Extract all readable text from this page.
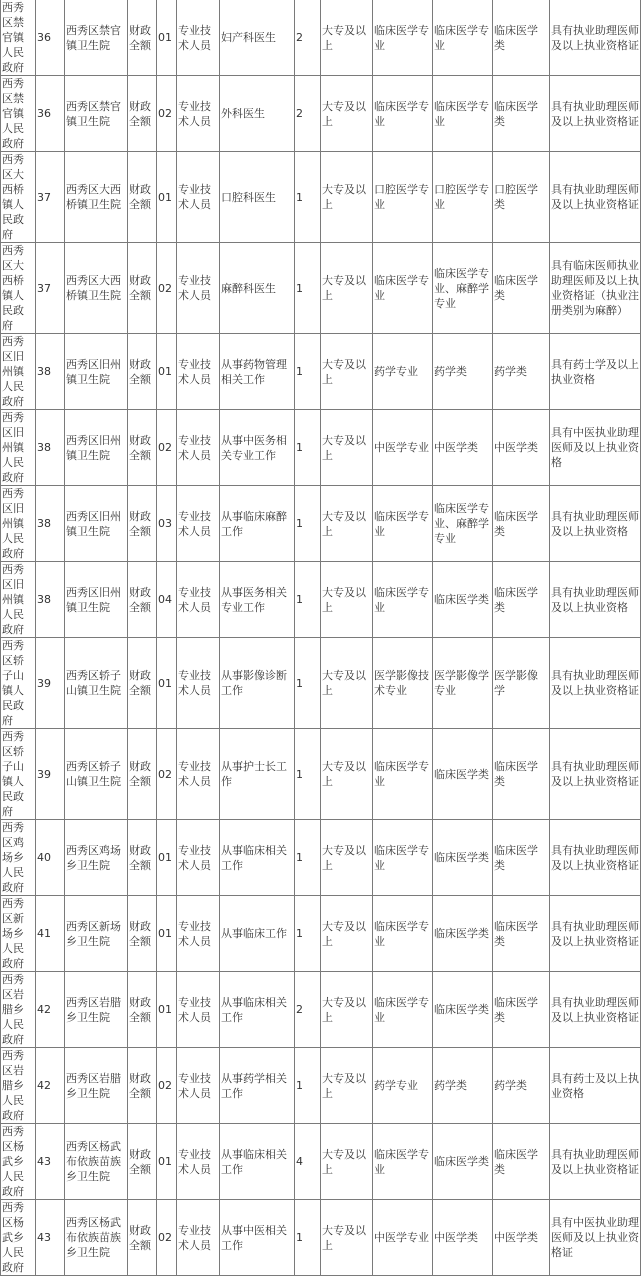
西秀区禁官镇人民政府	36	西秀区禁官镇卫生院	财政全额	01	专业技术人员	妇产科医生	2	大专及以上	临床医学专业	临床医学专业	临床医学类	具有执业助理医师及以上执业资格证
西秀区禁官镇人民政府	36	西秀区禁官镇卫生院	财政全额	02	专业技术人员	外科医生	2	大专及以上	临床医学专业	临床医学专业	临床医学类	具有执业助理医师及以上执业资格证
西秀区大西桥镇人民政府	37	西秀区大西桥镇卫生院	财政全额	01	专业技术人员	口腔科医生	1	大专及以上	口腔医学专业	口腔医学专业	口腔医学类	具有执业助理医师及以上执业资格证
西秀区大西桥镇人民政府	37	西秀区大西桥镇卫生院	财政全额	02	专业技术人员	麻醉科医生	1	大专及以上	临床医学专业	临床医学专业、麻醉学专业	临床医学类	具有临床医师执业助理医师及以上执业资格证（执业注册类别为麻醉）
西秀区旧州镇人民政府	38	西秀区旧州镇卫生院	财政全额	01	专业技术人员	从事药物管理相关工作	1	大专及以上	药学专业	药学类	药学类	具有药士学及以上执业资格
西秀区旧州镇人民政府	38	西秀区旧州镇卫生院	财政全额	02	专业技术人员	从事中医务相关专业工作	1	大专及以上	中医学专业	中医学类	中医学类	具有中医执业助理医师及以上执业资格
西秀区旧州镇人民政府	38	西秀区旧州镇卫生院	财政全额	03	专业技术人员	从事临床麻醉工作	1	大专及以上	临床医学专业	临床医学专业、麻醉学专业	临床医学类	具有执业助理医师及以上执业资格
西秀区旧州镇人民政府	38	西秀区旧州镇卫生院	财政全额	04	专业技术人员	从事医务相关专业工作	1	大专及以上	临床医学专业	临床医学类	临床医学类	具有执业助理医师及以上执业资格
西秀区轿子山镇人民政府	39	西秀区轿子山镇卫生院	财政全额	01	专业技术人员	从事影像诊断工作	1	大专及以上	医学影像技术专业	医学影像学专业	医学影像学	具有执业助理医师及以上执业资格证
西秀区轿子山镇人民政府	39	西秀区轿子山镇卫生院	财政全额	02	专业技术人员	从事护士长工作	1	大专及以上	临床医学专业	临床医学类	临床医学类	具有执业助理医师及以上执业资格证
西秀区鸡场乡人民政府	40	西秀区鸡场乡卫生院	财政全额	01	专业技术人员	从事临床相关工作	1	大专及以上	临床医学专业	临床医学类	临床医学类	具有执业助理医师及以上执业资格证
西秀区新场乡人民政府	41	西秀区新场乡卫生院	财政全额	01	专业技术人员	从事临床工作	1	大专及以上	临床医学专业	临床医学类	临床医学类	具有执业助理医师及以上执业资格证
西秀区岩腊乡人民政府	42	西秀区岩腊乡卫生院	财政全额	01	专业技术人员	从事临床相关工作	2	大专及以上	临床医学专业	临床医学类	临床医学类	具有执业助理医师及以上执业资格证
西秀区岩腊乡人民政府	42	西秀区岩腊乡卫生院	财政全额	02	专业技术人员	从事药学相关工作	1	大专及以上	药学专业	药学类	药学类	具有药士及以上执业资格
西秀区杨武乡人民政府	43	西秀区杨武布依族苗族乡卫生院	财政全额	01	专业技术人员	从事临床相关工作	4	大专及以上	临床医学专业	临床医学类	临床医学类	具有执业助理医师及以上执业资格证
西秀区杨武乡人民政府	43	西秀区杨武布依族苗族乡卫生院	财政全额	02	专业技术人员	从事中医相关工作	1	大专及以上	中医学专业	中医学类	中医学类	具有中医执业助理医师及以上执业资格证
